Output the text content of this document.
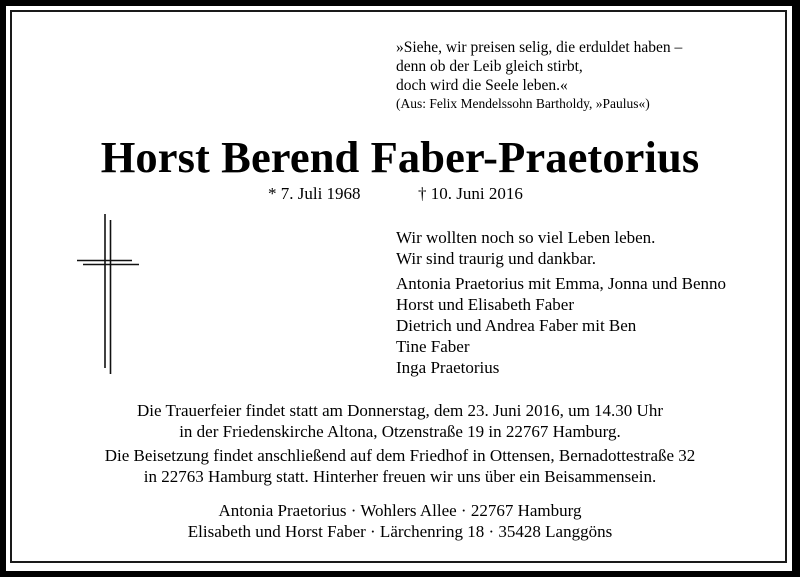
»Siehe, wir preisen selig, die erduldet haben –
denn ob der Leib gleich stirbt,
doch wird die Seele leben.«
(Aus: Felix Mendelssohn Bartholdy, »Paulus«)
Horst Berend Faber-Praetorius
* 7. Juli 1968	† 10. Juni 2016
Wir wollten noch so viel Leben leben.
Wir sind traurig und dankbar.
Antonia Praetorius mit Emma, Jonna und Benno
Horst und Elisabeth Faber
Dietrich und Andrea Faber mit Ben
Tine Faber
Inga Praetorius
Die Trauerfeier findet statt am Donnerstag, dem 23. Juni 2016, um 14.30 Uhr
in der Friedenskirche Altona, Otzenstraße 19 in 22767 Hamburg.
Die Beisetzung findet anschließend auf dem Friedhof in Ottensen, Bernadottestraße 32
in 22763 Hamburg statt. Hinterher freuen wir uns über ein Beisammensein.
Antonia Praetorius · Wohlers Allee · 22767 Hamburg
Elisabeth und Horst Faber · Lärchenring 18 · 35428 Langgöns
